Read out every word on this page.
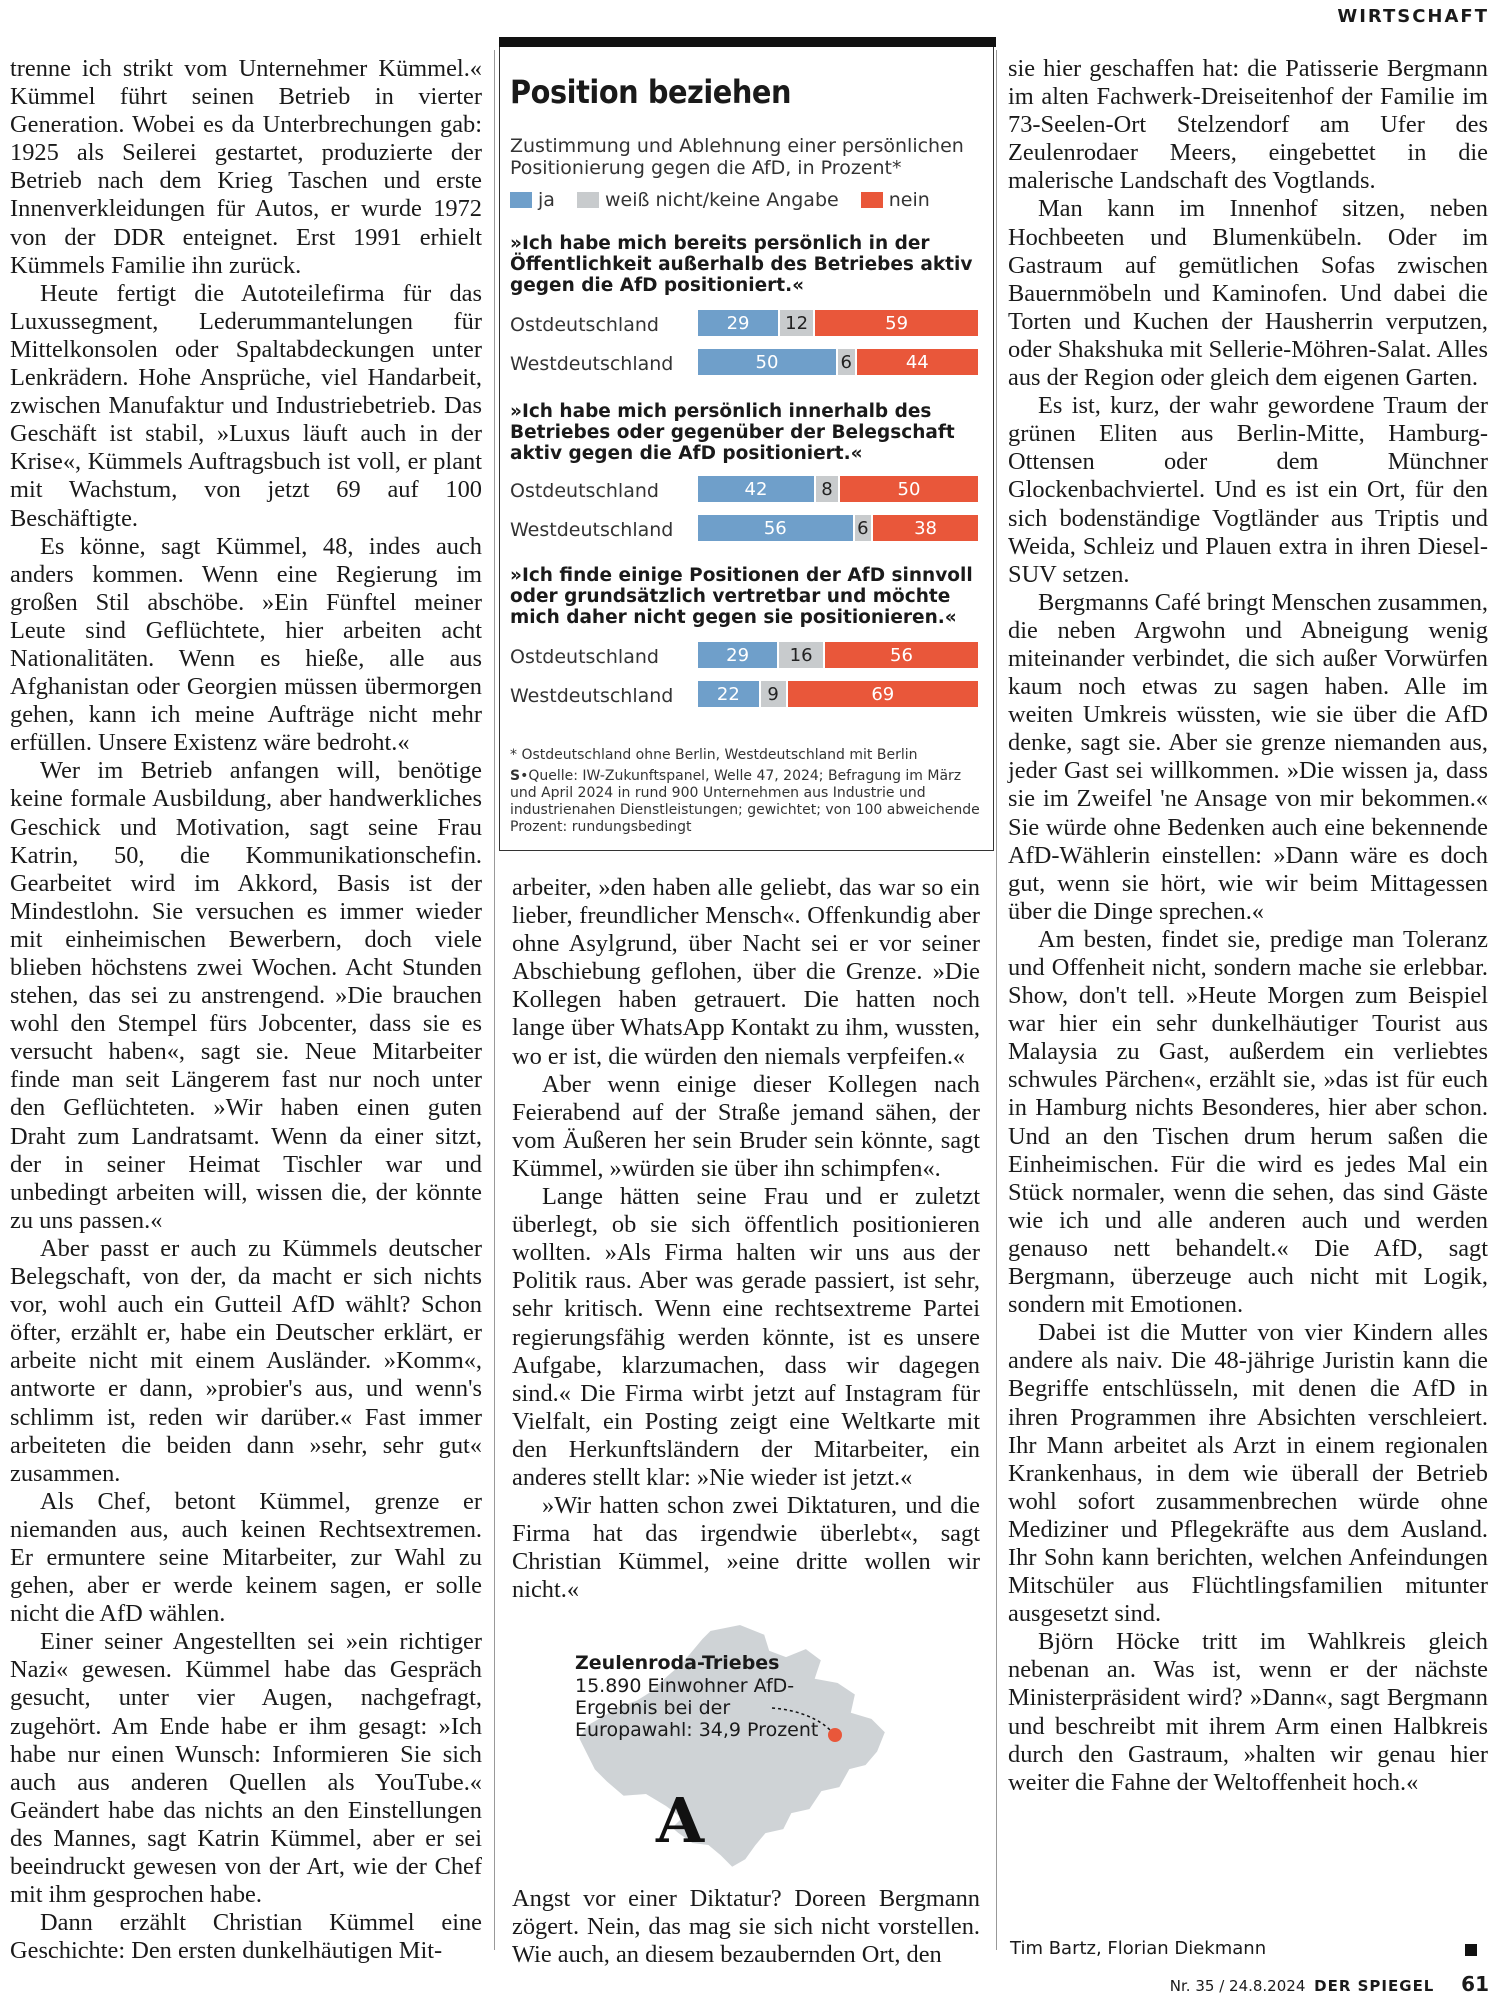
WIRTSCHAFT

trenne ich strikt vom Unternehmer Kümmel.« Kümmel führt seinen Betrieb in vierter Generation. Wobei es da Unterbrechungen gab: 1925 als Seilerei gestartet, produzierte der Betrieb nach dem Krieg Taschen und erste Innenverkleidungen für Autos, er wurde 1972 von der DDR enteignet. Erst 1991 erhielt Kümmels Familie ihn zurück.

Heute fertigt die Autoteilefirma für das Luxussegment, Lederummantelungen für Mittelkonsolen oder Spaltabdeckungen unter Lenkrädern. Hohe Ansprüche, viel Handarbeit, zwischen Manufaktur und Industriebetrieb. Das Geschäft ist stabil, »Luxus läuft auch in der Krise«, Kümmels Auftragsbuch ist voll, er plant mit Wachstum, von jetzt 69 auf 100 Beschäftigte.

Es könne, sagt Kümmel, 48, indes auch anders kommen. Wenn eine Regierung im großen Stil abschöbe. »Ein Fünftel meiner Leute sind Geflüchtete, hier arbeiten acht Nationalitäten. Wenn es hieße, alle aus Afghanistan oder Georgien müssen übermorgen gehen, kann ich meine Aufträge nicht mehr erfüllen. Unsere Existenz wäre bedroht.«

Wer im Betrieb anfangen will, benötige keine formale Ausbildung, aber handwerkliches Geschick und Motivation, sagt seine Frau Katrin, 50, die Kommunikationschefin. Gearbeitet wird im Akkord, Basis ist der Mindestlohn. Sie versuchen es immer wieder mit einheimischen Bewerbern, doch viele blieben höchstens zwei Wochen. Acht Stunden stehen, das sei zu anstrengend. »Die brauchen wohl den Stempel fürs Jobcenter, dass sie es versucht haben«, sagt sie. Neue Mitarbeiter finde man seit Längerem fast nur noch unter den Geflüchteten. »Wir haben einen guten Draht zum Landratsamt. Wenn da einer sitzt, der in seiner Heimat Tischler war und unbedingt arbeiten will, wissen die, der könnte zu uns passen.«

Aber passt er auch zu Kümmels deutscher Belegschaft, von der, da macht er sich nichts vor, wohl auch ein Gutteil AfD wählt? Schon öfter, erzählt er, habe ein Deutscher erklärt, er arbeite nicht mit einem Ausländer. »Komm«, antworte er dann, »probier's aus, und wenn's schlimm ist, reden wir darüber.« Fast immer arbeiteten die beiden dann »sehr, sehr gut« zusammen.

Als Chef, betont Kümmel, grenze er niemanden aus, auch keinen Rechtsextremen. Er ermuntere seine Mitarbeiter, zur Wahl zu gehen, aber er werde keinem sagen, er solle nicht die AfD wählen.

Einer seiner Angestellten sei »ein richtiger Nazi« gewesen. Kümmel habe das Gespräch gesucht, unter vier Augen, nachgefragt, zugehört. Am Ende habe er ihm gesagt: »Ich habe nur einen Wunsch: Informieren Sie sich auch aus anderen Quellen als YouTube.« Geändert habe das nichts an den Einstellungen des Mannes, sagt Katrin Kümmel, aber er sei beeindruckt gewesen von der Art, wie der Chef mit ihm gesprochen habe.

Dann erzählt Christian Kümmel eine Geschichte: Den ersten dunkelhäutigen Mit-

Position beziehen
Zustimmung und Ablehnung einer persönlichen Positionierung gegen die AfD, in Prozent*
ja	weiß nicht/keine Angabe	nein
»Ich habe mich bereits persönlich in der Öffentlichkeit außerhalb des Betriebes aktiv gegen die AfD positioniert.«
Ostdeutschland	29	12	59
Westdeutschland	50	6	44
»Ich habe mich persönlich innerhalb des Betriebes oder gegenüber der Belegschaft aktiv gegen die AfD positioniert.«
Ostdeutschland	42	8	50
Westdeutschland	56	6	38
»Ich finde einige Positionen der AfD sinnvoll oder grundsätzlich vertretbar und möchte mich daher nicht gegen sie positionieren.«
Ostdeutschland	29	16	56
Westdeutschland	22	9	69
* Ostdeutschland ohne Berlin, Westdeutschland mit Berlin
S•Quelle: IW-Zukunftspanel, Welle 47, 2024; Befragung im März und April 2024 in rund 900 Unternehmen aus Industrie und industrienahen Dienstleistungen; gewichtet; von 100 abweichende Prozent: rundungsbedingt

arbeiter, »den haben alle geliebt, das war so ein lieber, freundlicher Mensch«. Offenkundig aber ohne Asylgrund, über Nacht sei er vor seiner Abschiebung geflohen, über die Grenze. »Die Kollegen haben getrauert. Die hatten noch lange über WhatsApp Kontakt zu ihm, wussten, wo er ist, die würden den niemals verpfeifen.«

Aber wenn einige dieser Kollegen nach Feierabend auf der Straße jemand sähen, der vom Äußeren her sein Bruder sein könnte, sagt Kümmel, »würden sie über ihn schimpfen«.

Lange hätten seine Frau und er zuletzt überlegt, ob sie sich öffentlich positionieren wollten. »Als Firma halten wir uns aus der Politik raus. Aber was gerade passiert, ist sehr, sehr kritisch. Wenn eine rechtsextreme Partei regierungsfähig werden könnte, ist es unsere Aufgabe, klarzumachen, dass wir dagegen sind.« Die Firma wirbt jetzt auf Instagram für Vielfalt, ein Posting zeigt eine Weltkarte mit den Herkunftsländern der Mitarbeiter, ein anderes stellt klar: »Nie wieder ist jetzt.«

»Wir hatten schon zwei Diktaturen, und die Firma hat das irgendwie überlebt«, sagt Christian Kümmel, »eine dritte wollen wir nicht.«

A
Zeulenroda-Triebes
15.890 Einwohner AfD-Ergebnis bei der Europawahl: 34,9 Prozent
Angst vor einer Diktatur? Doreen Bergmann zögert. Nein, das mag sie sich nicht vorstellen. Wie auch, an diesem bezaubernden Ort, den

sie hier geschaffen hat: die Patisserie Bergmann im alten Fachwerk-Dreiseitenhof der Familie im 73-Seelen-Ort Stelzendorf am Ufer des Zeulenrodaer Meers, eingebettet in die malerische Landschaft des Vogtlands.

Man kann im Innenhof sitzen, neben Hochbeeten und Blumenkübeln. Oder im Gastraum auf gemütlichen Sofas zwischen Bauernmöbeln und Kaminofen. Und dabei die Torten und Kuchen der Hausherrin verputzen, oder Shakshuka mit Sellerie-Möhren-Salat. Alles aus der Region oder gleich dem eigenen Garten.

Es ist, kurz, der wahr gewordene Traum der grünen Eliten aus Berlin-Mitte, Hamburg-Ottensen oder dem Münchner Glockenbachviertel. Und es ist ein Ort, für den sich bodenständige Vogtländer aus Triptis und Weida, Schleiz und Plauen extra in ihren Diesel-SUV setzen.

Bergmanns Café bringt Menschen zusammen, die neben Argwohn und Abneigung wenig miteinander verbindet, die sich außer Vorwürfen kaum noch etwas zu sagen haben. Alle im weiten Umkreis wüssten, wie sie über die AfD denke, sagt sie. Aber sie grenze niemanden aus, jeder Gast sei willkommen. »Die wissen ja, dass sie im Zweifel 'ne Ansage von mir bekommen.« Sie würde ohne Bedenken auch eine bekennende AfD-Wählerin einstellen: »Dann wäre es doch gut, wenn sie hört, wie wir beim Mittagessen über die Dinge sprechen.«

Am besten, findet sie, predige man Toleranz und Offenheit nicht, sondern mache sie erlebbar. Show, don't tell. »Heute Morgen zum Beispiel war hier ein sehr dunkelhäutiger Tourist aus Malaysia zu Gast, außerdem ein verliebtes schwules Pärchen«, erzählt sie, »das ist für euch in Hamburg nichts Besonderes, hier aber schon. Und an den Tischen drum herum saßen die Einheimischen. Für die wird es jedes Mal ein Stück normaler, wenn die sehen, das sind Gäste wie ich und alle anderen auch und werden genauso nett behandelt.« Die AfD, sagt Bergmann, überzeuge auch nicht mit Logik, sondern mit Emotionen.

Dabei ist die Mutter von vier Kindern alles andere als naiv. Die 48-jährige Juristin kann die Begriffe entschlüsseln, mit denen die AfD in ihren Programmen ihre Absichten verschleiert. Ihr Mann arbeitet als Arzt in einem regionalen Krankenhaus, in dem wie überall der Betrieb wohl sofort zusammenbrechen würde ohne Mediziner und Pflegekräfte aus dem Ausland. Ihr Sohn kann berichten, welchen Anfeindungen Mitschüler aus Flüchtlingsfamilien mitunter ausgesetzt sind.

Björn Höcke tritt im Wahlkreis gleich nebenan an. Was ist, wenn er der nächste Ministerpräsident wird? »Dann«, sagt Bergmann und beschreibt mit ihrem Arm einen Halbkreis durch den Gastraum, »halten wir genau hier weiter die Fahne der Weltoffenheit hoch.«

Tim Bartz, Florian Diekmann
Nr. 35 / 24.8.2024 DER SPIEGEL 61
